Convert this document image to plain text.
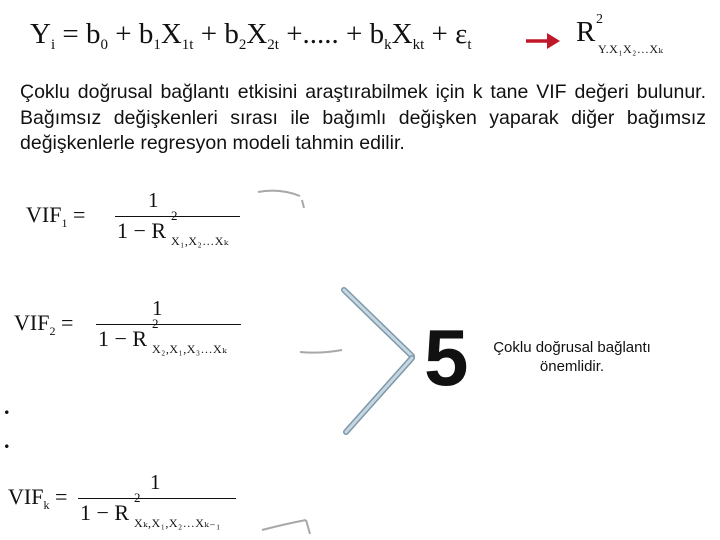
$Y_i = b_0 + b_1X_{1t} + b_2X_{2t}$ +..... + $b_kX_{kt} + \varepsilon_t$	R 2
Y.X₁X₂…Xₖ
Çoklu doğrusal bağlantı etkisini araştırabilmek için k tane VIF değeri bulunur. Bağımsız değişkenleri sırası ile bağımlı değişken yaparak diğer bağımsız değişkenlerle regresyon modeli tahmin edilir.
$VIF_1$ =
1
1 − R
2
X₁,X₂…Xₖ
$VIF_2$ =
1
1 − R
2
X₂,X₁,X₃…Xₖ
.
.
$VIF_k$ =
1
1 − R
2
Xₖ,X₁,X₂…Xₖ₋₁
5	Çoklu doğrusal bağlantı önemlidir.
